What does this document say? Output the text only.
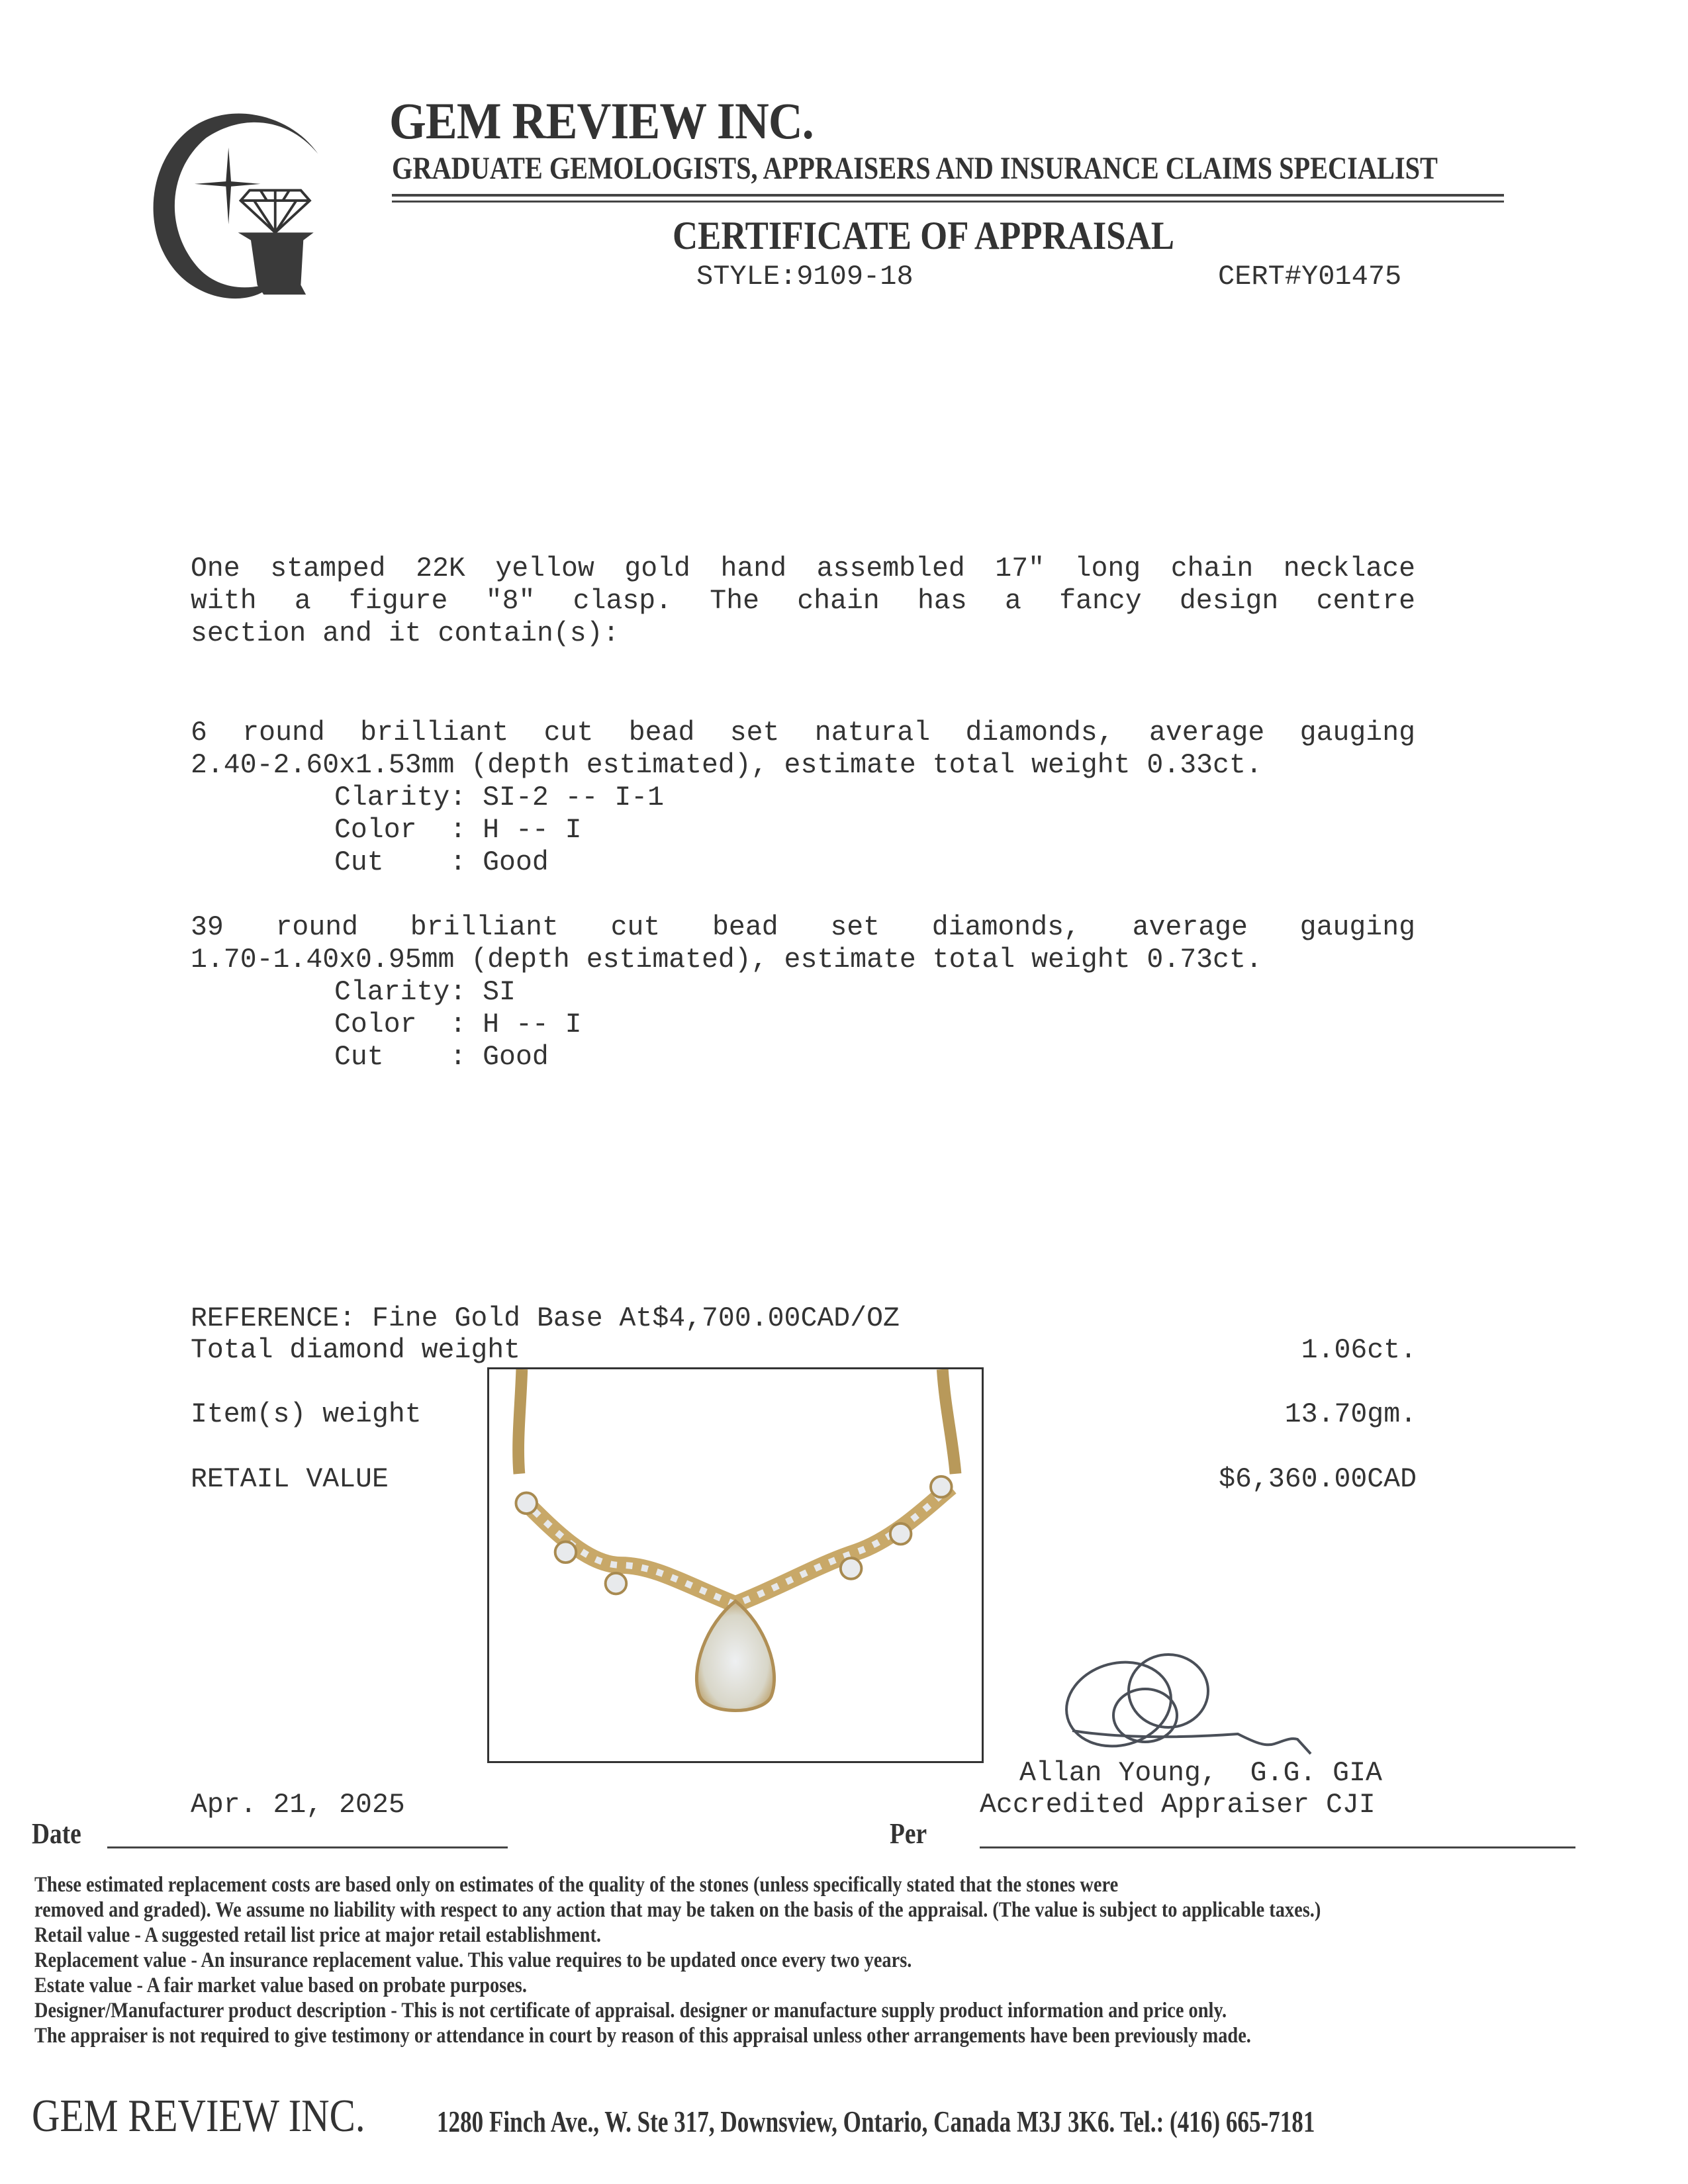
GEM REVIEW INC.
GRADUATE GEMOLOGISTS, APPRAISERS AND INSURANCE CLAIMS SPECIALIST
CERTIFICATE OF APPRAISAL
STYLE:9109-18	CERT#Y01475
One stamped 22K yellow gold hand assembled 17" long chain necklace
with a figure "8" clasp. The chain has a fancy design centre
section and it contain(s):
6 round brilliant cut bead set natural diamonds, average gauging
2.40-2.60x1.53mm (depth estimated), estimate total weight 0.33ct.
Clarity: SI-2 -- I-1
Color  : H -- I
Cut    : Good
39 round brilliant cut bead set diamonds, average gauging
1.70-1.40x0.95mm (depth estimated), estimate total weight 0.73ct.
Clarity: SI
Color  : H -- I
Cut    : Good
REFERENCE: Fine Gold Base At$4,700.00CAD/OZ
Total diamond weight	1.06ct.
Item(s) weight	13.70gm.
RETAIL VALUE	$6,360.00CAD
Allan Young,  G.G. GIA
Accredited Appraiser CJI
Apr. 21, 2025
Date	Per
These estimated replacement costs are based only on estimates of the quality of the stones (unless specifically stated that the stones were
removed and graded). We assume no liability with respect to any action that may be taken on the basis of the appraisal. (The value is subject to applicable taxes.)
Retail value - A suggested retail list price at major retail establishment.
Replacement value - An insurance replacement value. This value requires to be updated once every two years.
Estate value - A fair market value based on probate purposes.
Designer/Manufacturer product description - This is not certificate of appraisal. designer or manufacture supply product information and price only.
The appraiser is not required to give testimony or attendance in court by reason of this appraisal unless other arrangements have been previously made.
GEM REVIEW INC. 1280 Finch Ave., W. Ste 317, Downsview, Ontario, Canada M3J 3K6. Tel.: (416) 665-7181
